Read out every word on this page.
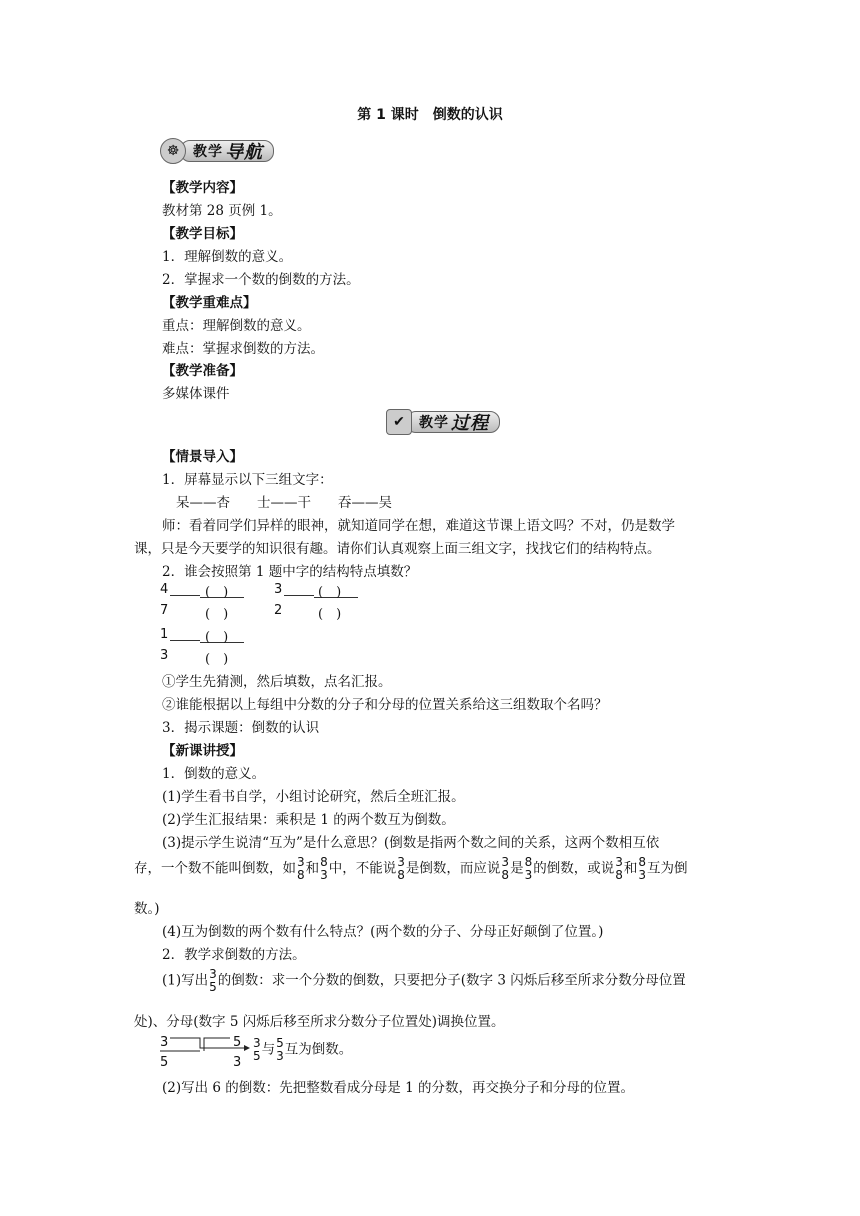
第 1 课时　倒数的认识
☸ 教学 导航
【教学内容】
教材第 28 页例 1。
【教学目标】
1．理解倒数的意义。
2．掌握求一个数的倒数的方法。
【教学重难点】
重点：理解倒数的意义。
难点：掌握求倒数的方法。
【教学准备】
多媒体课件
✔	教学 过程
【情景导入】
1．屏幕显示以下三组文字：
呆——杏　　士——干　　吞——吴
师：看着同学们异样的眼神，就知道同学在想，难道这节课上语文吗？不对，仍是数学
课，只是今天要学的知识很有趣。请你们认真观察上面三组文字，找找它们的结构特点。
2．谁会按照第 1 题中字的结构特点填数？
4	(　)
7	(　)
3	(　)
2	(　)
1	(　)
3	(　)
①学生先猜测，然后填数，点名汇报。
②谁能根据以上每组中分数的分子和分母的位置关系给这三组数取个名吗？
3．揭示课题：倒数的认识
【新课讲授】
1．倒数的意义。
(1)学生看书自学，小组讨论研究，然后全班汇报。
(2)学生汇报结果：乘积是 1 的两个数互为倒数。
(3)提示学生说清“互为”是什么意思？(倒数是指两个数之间的关系，这两个数相互依
存，一个数不能叫倒数，如 3
8 和 8
3 中，不能说 3
8 是倒数，而应说 3
8 是 8
3 的倒数，或说 3
8 和 8
3 互为倒
数。)
(4)互为倒数的两个数有什么特点？(两个数的分子、分母正好颠倒了位置。)
2．教学求倒数的方法。
(1)写出 3
5 的倒数：求一个分数的倒数，只要把分子(数字 3 闪烁后移至所求分数分母位置
处)、分母(数字 5 闪烁后移至所求分数分子位置处)调换位置。
3
5
5
3
3
5 与 5
3 互为倒数。
(2)写出 6 的倒数：先把整数看成分母是 1 的分数，再交换分子和分母的位置。
